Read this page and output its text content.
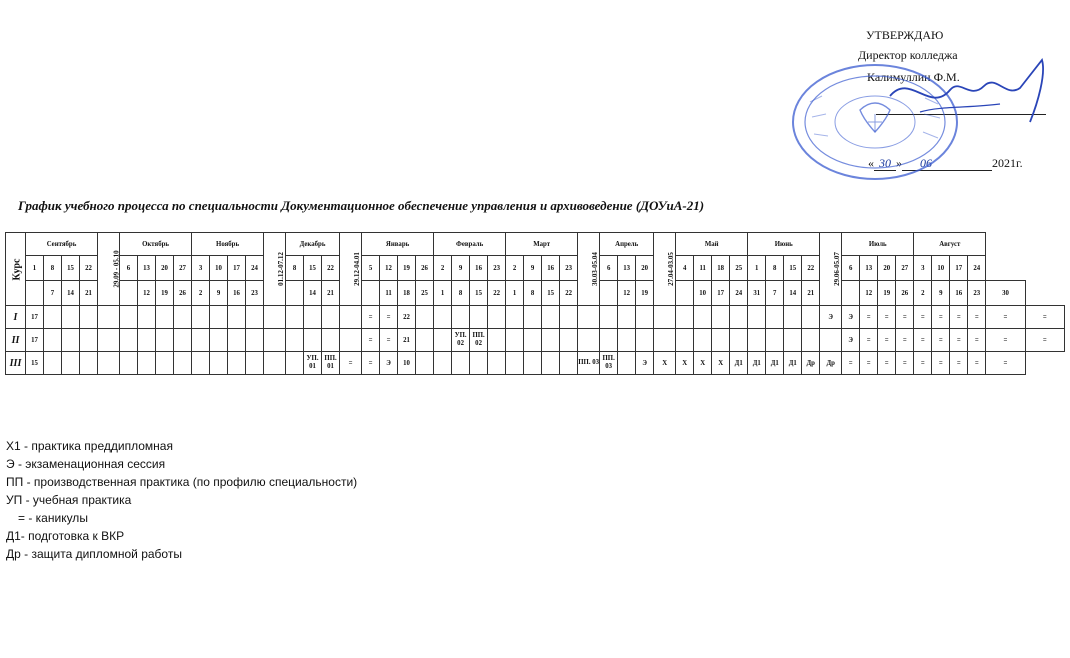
УТВЕРЖДАЮ
Директор колледжа
Калимуллин Ф.М.
« 30 » 06	2021г.
График учебного процесса по специальности Документационное обеспечение управления и архивоведение (ДОУиА-21)
Курс	Сентябрь				29.09 - 05.10	Октябрь				Ноябрь				01.12-07.12	Декабрь			29.12-04.01	Январь				Февраль				Март				30.03-05.04	Апрель			27.04-03.05	Май				Июнь				29.06-05.07	Июль				Август					
	1	8	15	22		6	13	20	27	3	10	17	24		8	15	22		5	12	19	26	2	9	16	23	2	9	16	23		6	13	20		4	11	18	25	1	8	15	22		6	13	20	27	3	10	17	24		
		7	14	21			12	19	26	2	9	16	23			14	21			11	18	25	1	8	15	22	1	8	15	22			12	19			10	17	24	31	7	14	21			12	19	26	2	9	16	23	30	
I	17																		=	=	22																							Э	Э	=	=	=	=	=	=	=	=	=
II	17																		=	=	21			УП. 02	ПП. 02																				Э	=	=	=	=	=	=	=	=	=
III	15															УП. 01	ПП. 01	=	=	Э	10										ПП. 03	ПП. 03		Э	Х	Х	Х	Х	Д1	Д1	Д1	Д1	Др	Др	=	=	=	=	=	=	=	=	=	
Х1 - практика преддипломная
Э - экзаменационная сессия
ПП - производственная практика (по профилю специальности)
УП - учебная практика
= - каникулы
Д1- подготовка к ВКР
Др - защита дипломной работы
